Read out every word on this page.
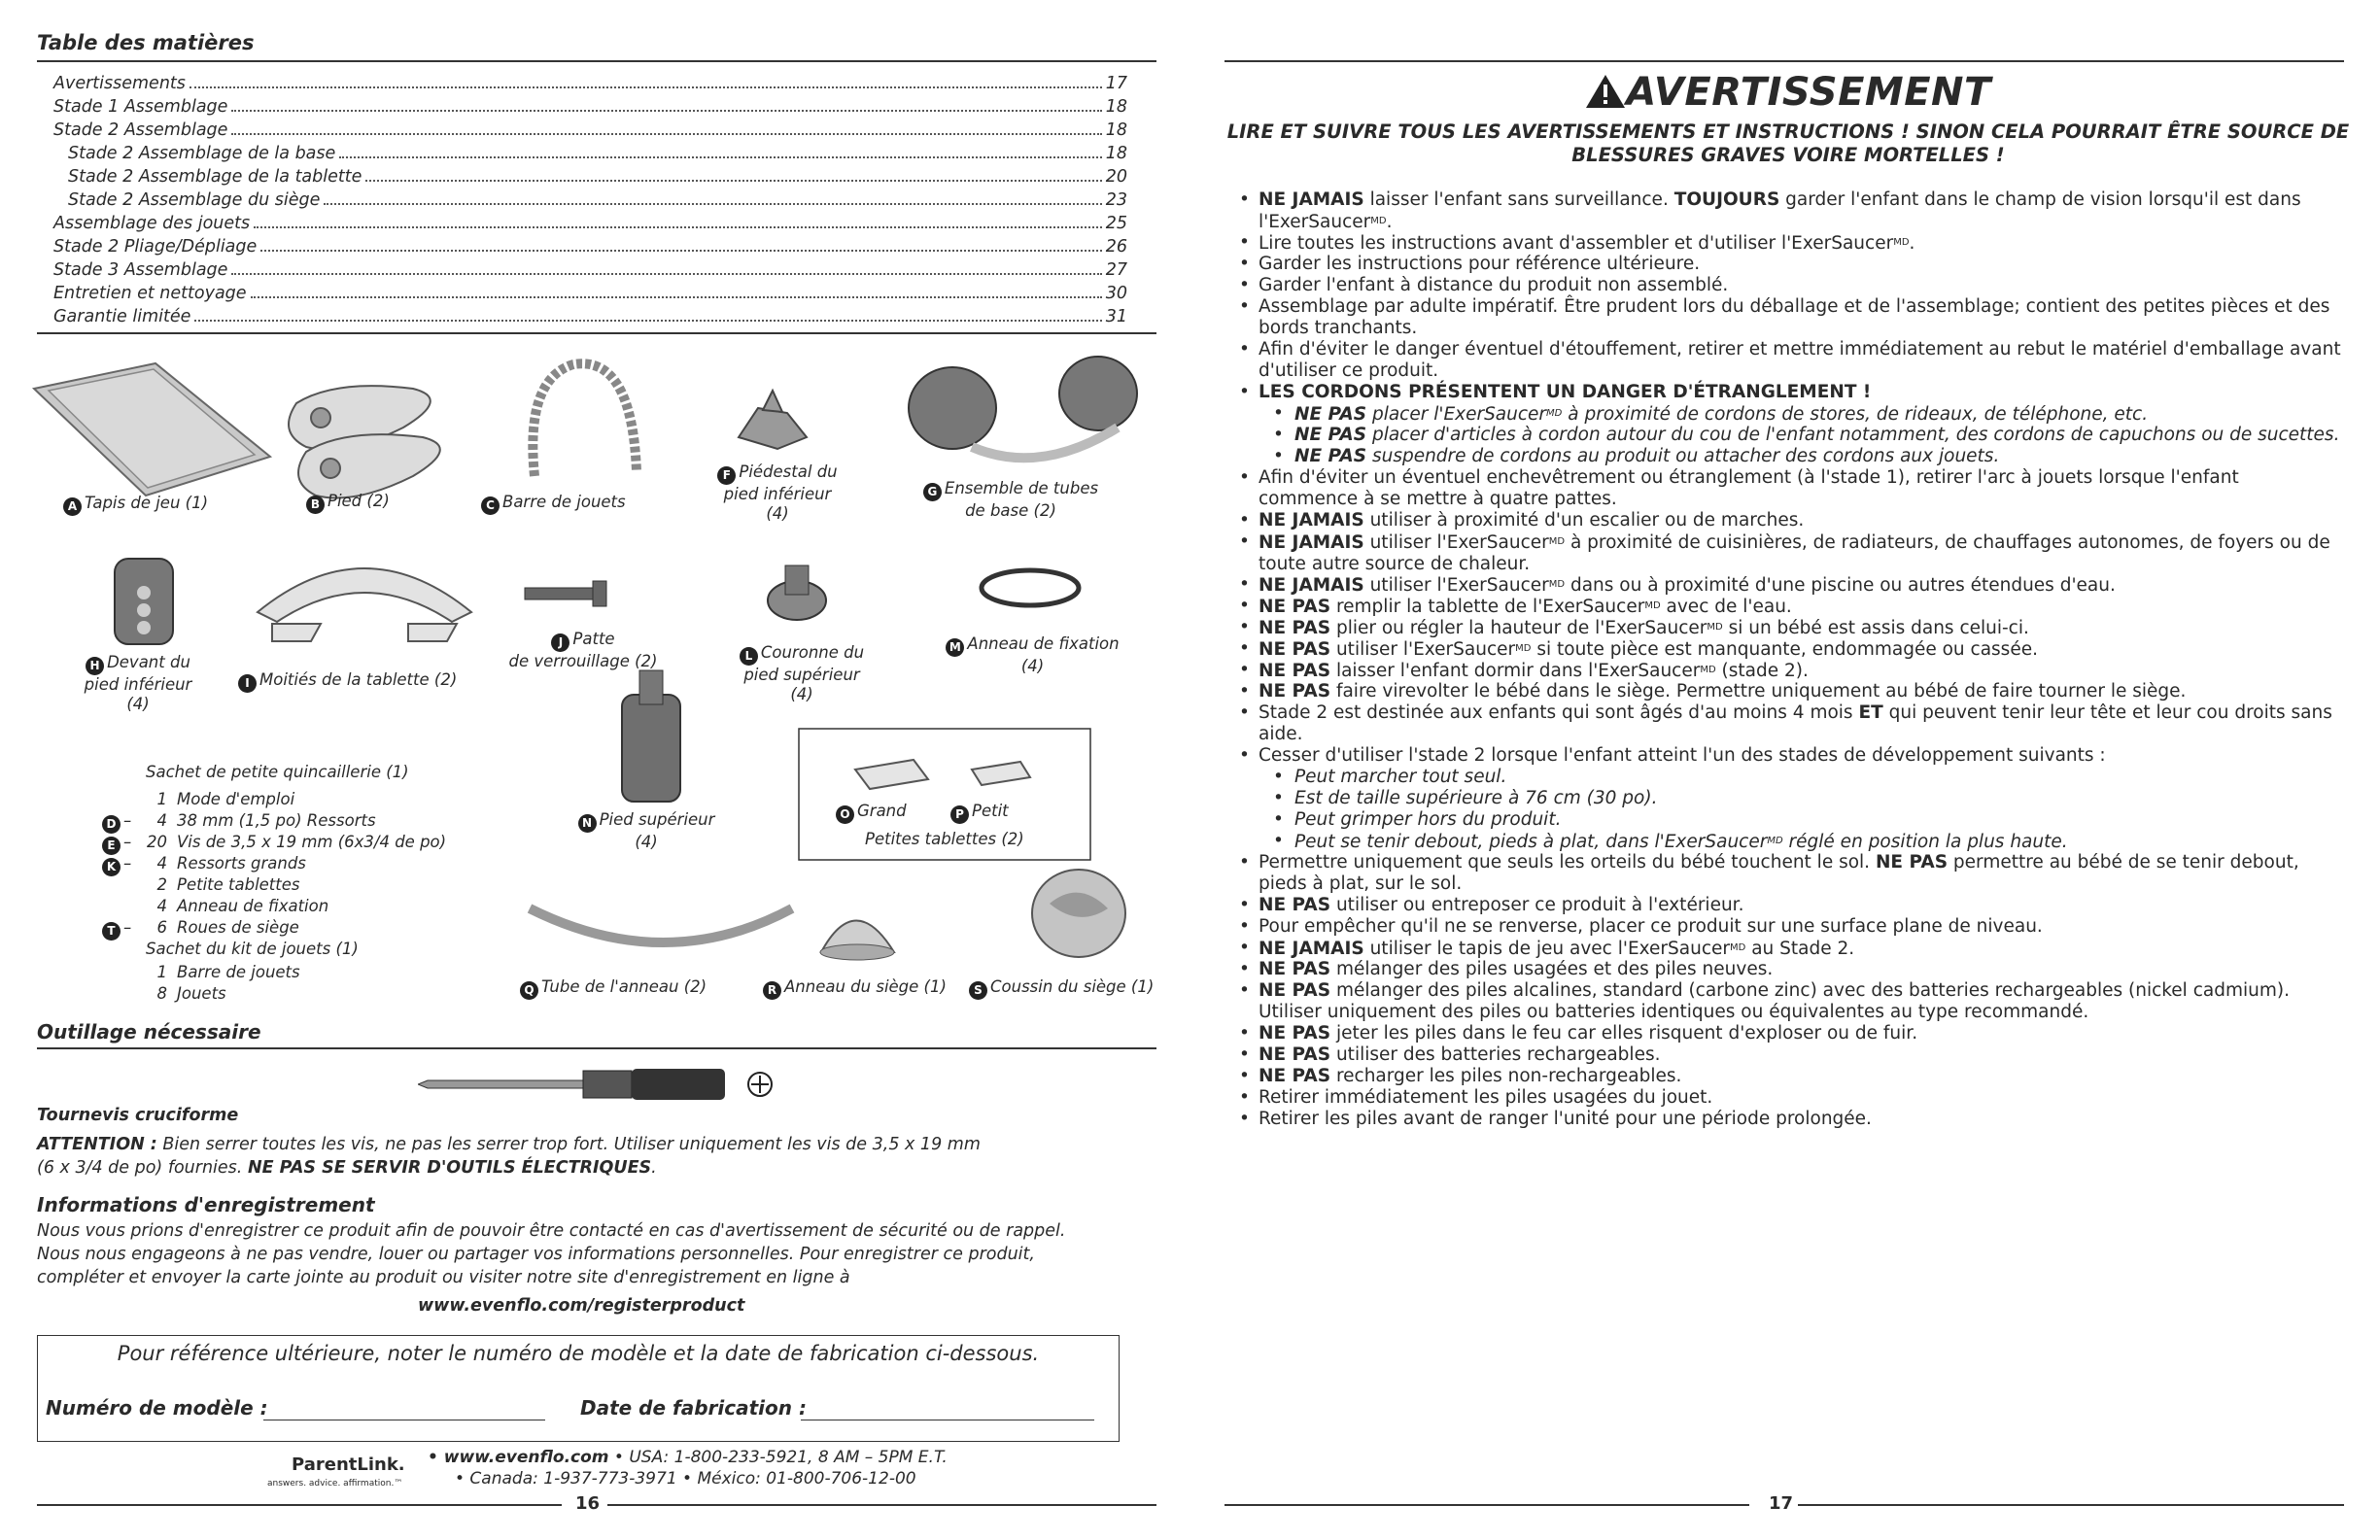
Table des matières
Avertissements	17
Stade 1 Assemblage	18
Stade 2 Assemblage	18
Stade 2 Assemblage de la base	18
Stade 2 Assemblage de la tablette	20
Stade 2 Assemblage du siège	23
Assemblage des jouets	25
Stade 2 Pliage/Dépliage	26
Stade 3 Assemblage	27
Entretien et nettoyage	30
Garantie limitée	31
A Tapis de jeu (1)	B Pied (2)	C Barre de jouets
F Piédestal du
pied inférieur
(4)
G Ensemble de tubes
de base (2)
H Devant du
pied inférieur
(4)
I Moitiés de la tablette (2)
J Patte
de verrouillage (2)	L Couronne du
pied supérieur
(4)
M Anneau de fixation
(4)
N Pied supérieur
(4)
O Grand	P Petit
Petites tablettes (2)
Q Tube de l'anneau (2)	R Anneau du siège (1)	S Coussin du siège (1)
Sachet de petite quincaillerie (1)
1 Mode d'emploi
D –	4 38 mm (1,5 po) Ressorts
E – 20 Vis de 3,5 x 19 mm (6x3/4 de po)
K –	4 Ressorts grands
2 Petite tablettes
4 Anneau de fixation
T –	6 Roues de siège
Sachet du kit de jouets (1)
1 Barre de jouets
8 Jouets
Outillage nécessaire
Tournevis cruciforme
ATTENTION : Bien serrer toutes les vis, ne pas les serrer trop fort. Utiliser uniquement les vis de 3,5 x 19 mm
(6 x 3/4 de po) fournies. NE PAS SE SERVIR D'OUTILS ÉLECTRIQUES.
Informations d'enregistrement
Nous vous prions d'enregistrer ce produit afin de pouvoir être contacté en cas d'avertissement de sécurité ou de rappel.
Nous nous engageons à ne pas vendre, louer ou partager vos informations personnelles. Pour enregistrer ce produit,
compléter et envoyer la carte jointe au produit ou visiter notre site d'enregistrement en ligne à
www.evenflo.com/registerproduct
Pour référence ultérieure, noter le numéro de modèle et la date de fabrication ci-dessous.
Numéro de modèle :	Date de fabrication :
ParentLink.
answers. advice. affirmation.™
• www.evenflo.com • USA: 1-800-233-5921, 8 AM – 5PM E.T.
• Canada: 1-937-773-3971 • México: 01-800-706-12-00
16
AVERTISSEMENT
LIRE ET SUIVRE TOUS LES AVERTISSEMENTS ET INSTRUCTIONS ! SINON CELA POURRAIT ÊTRE SOURCE DE
BLESSURES GRAVES VOIRE MORTELLES !
• NE JAMAIS laisser l'enfant sans surveillance. TOUJOURS garder l'enfant dans le champ de vision lorsqu'il est dans l'ExerSaucer$^{MD}$.
• Lire toutes les instructions avant d'assembler et d'utiliser l'ExerSaucer$^{MD}$.
• Garder les instructions pour référence ultérieure.
• Garder l'enfant à distance du produit non assemblé.
• Assemblage par adulte impératif. Être prudent lors du déballage et de l'assemblage; contient des petites pièces et des bords tranchants.
• Afin d'éviter le danger éventuel d'étouffement, retirer et mettre immédiatement au rebut le matériel d'emballage avant d'utiliser ce produit.
• LES CORDONS PRÉSENTENT UN DANGER D'ÉTRANGLEMENT !
• NE PAS placer l'ExerSaucer$^{MD}$ à proximité de cordons de stores, de rideaux, de téléphone, etc.
• NE PAS placer d'articles à cordon autour du cou de l'enfant notamment, des cordons de capuchons ou de sucettes.
• NE PAS suspendre de cordons au produit ou attacher des cordons aux jouets.
• Afin d'éviter un éventuel enchevêtrement ou étranglement (à l'stade 1), retirer l'arc à jouets lorsque l'enfant commence à se mettre à quatre pattes.
• NE JAMAIS utiliser à proximité d'un escalier ou de marches.
• NE JAMAIS utiliser l'ExerSaucer$^{MD}$ à proximité de cuisinières, de radiateurs, de chauffages autonomes, de foyers ou de toute autre source de chaleur.
• NE JAMAIS utiliser l'ExerSaucer$^{MD}$ dans ou à proximité d'une piscine ou autres étendues d'eau.
• NE PAS remplir la tablette de l'ExerSaucer$^{MD}$ avec de l'eau.
• NE PAS plier ou régler la hauteur de l'ExerSaucer$^{MD}$ si un bébé est assis dans celui-ci.
• NE PAS utiliser l'ExerSaucer$^{MD}$ si toute pièce est manquante, endommagée ou cassée.
• NE PAS laisser l'enfant dormir dans l'ExerSaucer$^{MD}$ (stade 2).
• NE PAS faire virevolter le bébé dans le siège. Permettre uniquement au bébé de faire tourner le siège.
• Stade 2 est destinée aux enfants qui sont âgés d'au moins 4 mois ET qui peuvent tenir leur tête et leur cou droits sans aide.
• Cesser d'utiliser l'stade 2 lorsque l'enfant atteint l'un des stades de développement suivants :
• Peut marcher tout seul.
• Est de taille supérieure à 76 cm (30 po).
• Peut grimper hors du produit.
• Peut se tenir debout, pieds à plat, dans l'ExerSaucer$^{MD}$ réglé en position la plus haute.
• Permettre uniquement que seuls les orteils du bébé touchent le sol. NE PAS permettre au bébé de se tenir debout, pieds à plat, sur le sol.
• NE PAS utiliser ou entreposer ce produit à l'extérieur.
• Pour empêcher qu'il ne se renverse, placer ce produit sur une surface plane de niveau.
• NE JAMAIS utiliser le tapis de jeu avec l'ExerSaucer$^{MD}$ au Stade 2.
• NE PAS mélanger des piles usagées et des piles neuves.
• NE PAS mélanger des piles alcalines, standard (carbone zinc) avec des batteries rechargeables (nickel cadmium). Utiliser uniquement des piles ou batteries identiques ou équivalentes au type recommandé.
• NE PAS jeter les piles dans le feu car elles risquent d'exploser ou de fuir.
• NE PAS utiliser des batteries rechargeables.
• NE PAS recharger les piles non-rechargeables.
• Retirer immédiatement les piles usagées du jouet.
• Retirer les piles avant de ranger l'unité pour une période prolongée.
17
